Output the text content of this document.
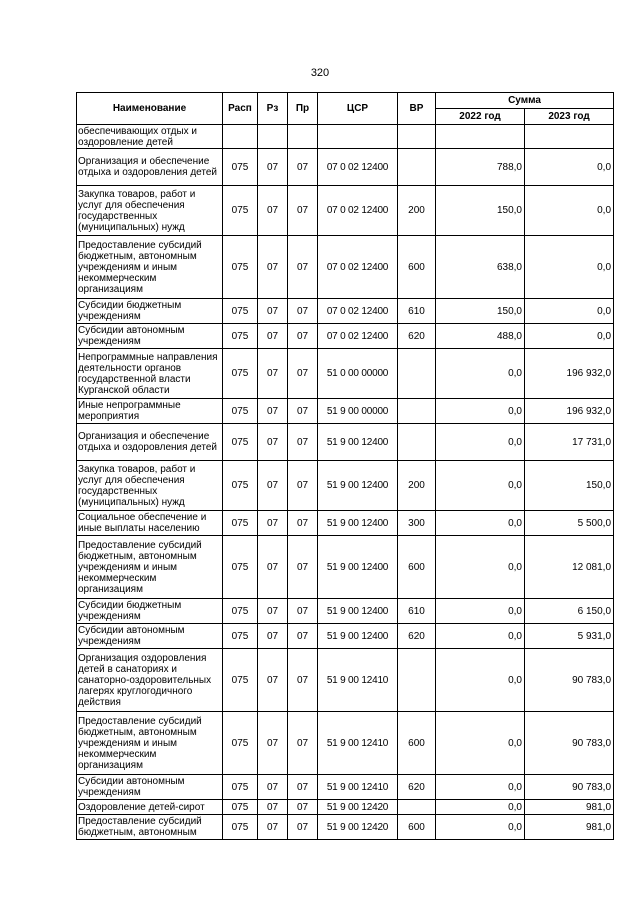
320
Наименование	Расп	Рз	Пр	ЦСР	ВР	Сумма	
						2022 год	2023 год
обеспечивающих отдых и оздоровление детей							
Организация и обеспечение отдыха и оздоровления детей	075	07	07	07 0 02 12400		788,0	0,0
Закупка товаров, работ и услуг для обеспечения государственных (муниципальных) нужд	075	07	07	07 0 02 12400	200	150,0	0,0
Предоставление субсидий бюджетным, автономным учреждениям и иным некоммерческим организациям	075	07	07	07 0 02 12400	600	638,0	0,0
Субсидии бюджетным учреждениям	075	07	07	07 0 02 12400	610	150,0	0,0
Субсидии автономным учреждениям	075	07	07	07 0 02 12400	620	488,0	0,0
Непрограммные направления деятельности органов государственной власти Курганской области	075	07	07	51 0 00 00000		0,0	196 932,0
Иные непрограммные мероприятия	075	07	07	51 9 00 00000		0,0	196 932,0
Организация и обеспечение отдыха и оздоровления детей	075	07	07	51 9 00 12400		0,0	17 731,0
Закупка товаров, работ и услуг для обеспечения государственных (муниципальных) нужд	075	07	07	51 9 00 12400	200	0,0	150,0
Социальное обеспечение и иные выплаты населению	075	07	07	51 9 00 12400	300	0,0	5 500,0
Предоставление субсидий бюджетным, автономным учреждениям и иным некоммерческим организациям	075	07	07	51 9 00 12400	600	0,0	12 081,0
Субсидии бюджетным учреждениям	075	07	07	51 9 00 12400	610	0,0	6 150,0
Субсидии автономным учреждениям	075	07	07	51 9 00 12400	620	0,0	5 931,0
Организация оздоровления детей в санаториях и санаторно-оздоровительных лагерях круглогодичного действия	075	07	07	51 9 00 12410		0,0	90 783,0
Предоставление субсидий бюджетным, автономным учреждениям и иным некоммерческим организациям	075	07	07	51 9 00 12410	600	0,0	90 783,0
Субсидии автономным учреждениям	075	07	07	51 9 00 12410	620	0,0	90 783,0
Оздоровление детей-сирот	075	07	07	51 9 00 12420		0,0	981,0
Предоставление субсидий бюджетным, автономным	075	07	07	51 9 00 12420	600	0,0	981,0
